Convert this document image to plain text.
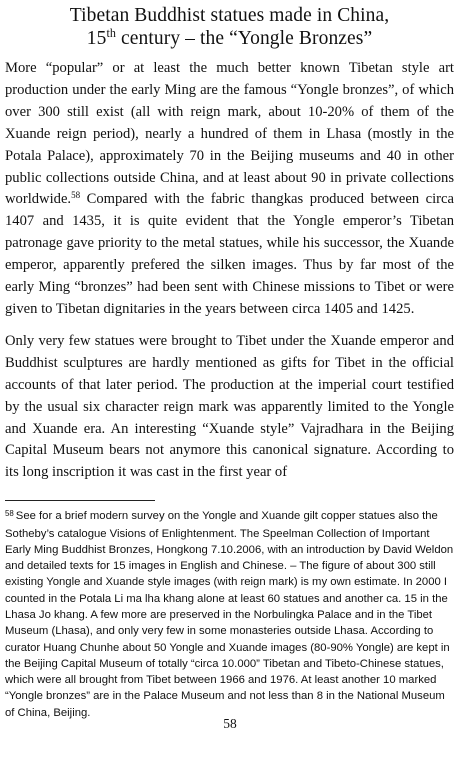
Tibetan Buddhist statues made in China,
15th century – the “Yongle Bronzes”

More “popular” or at least the much better known Tibetan style art production under the early Ming are the famous “Yongle bronzes”, of which over 300 still exist (all with reign mark, about 10-20% of them of the Xuande reign period), nearly a hundred of them in Lhasa (mostly in the Potala Palace), approximately 70 in the Beijing museums and 40 in other public collections outside China, and at least about 90 in private collections worldwide.$^{58}$ Compared with the fabric thangkas produced between circa 1407 and 1435, it is quite evident that the Yongle emperor’s Tibetan patronage gave priority to the metal statues, while his successor, the Xuande emperor, apparently prefered the silken images. Thus by far most of the early Ming “bronzes” had been sent with Chinese missions to Tibet or were given to Tibetan dignitaries in the years between circa 1405 and 1425.

Only very few statues were brought to Tibet under the Xuande emperor and Buddhist sculptures are hardly mentioned as gifts for Tibet in the official accounts of that later period. The production at the imperial court testified by the usual six character reign mark was apparently limited to the Yongle and Xuande era. An interesting “Xuande style” Vajradhara in the Beijing Capital Museum bears not anymore this canonical signature. According to its long inscription it was cast in the first year of

$^{58}$ See for a brief modern survey on the Yongle and Xuande gilt copper statues also the Sotheby’s catalogue Visions of Enlightenment. The Speelman Collection of Important Early Ming Buddhist Bronzes, Hongkong 7.10.2006, with an introduction by David Weldon and detailed texts for 15 images in English and Chinese. – The figure of about 300 still existing Yongle and Xuande style images (with reign mark) is my own estimate. In 2000 I counted in the Potala Li ma lha khang alone at least 60 statues and another ca. 15 in the Lhasa Jo khang. A few more are preserved in the Norbulingka Palace and in the Tibet Museum (Lhasa), and only very few in some monasteries outside Lhasa. According to curator Huang Chunhe about 50 Yongle and Xuande images (80-90% Yongle) are kept in the Beijing Capital Museum of totally “circa 10.000” Tibetan and Tibeto-Chinese statues, which were all brought from Tibet between 1966 and 1976. At least another 10 marked “Yongle bronzes” are in the Palace Museum and not less than 8 in the National Museum of China, Beijing.

58
